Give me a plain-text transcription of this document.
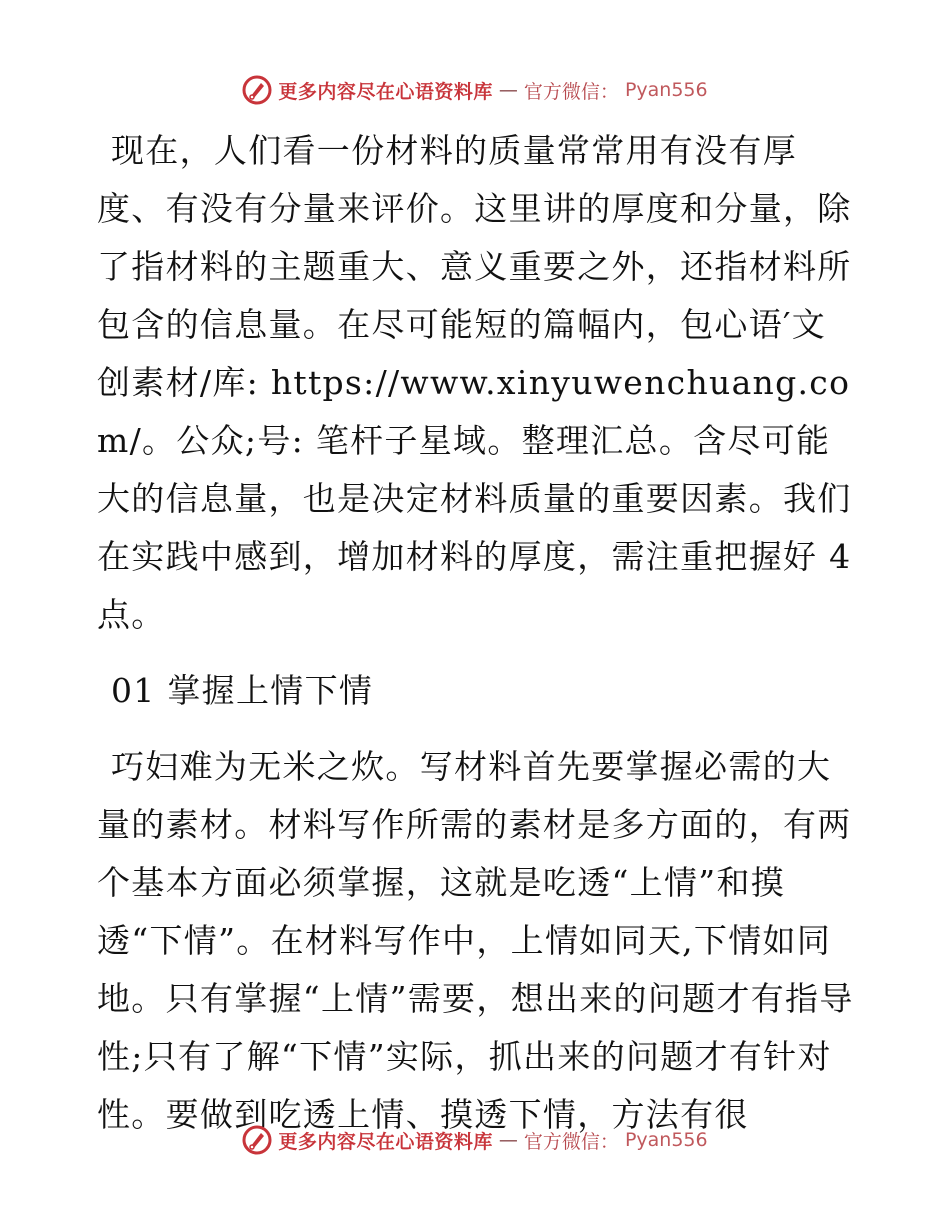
更多内容尽在心语资料库 — 官方微信： Pyan556

现在，人们看一份材料的质量常常用有没有厚度、有没有分量来评价。这里讲的厚度和分量，除了指材料的主题重大、意义重要之外，还指材料所包含的信息量。在尽可能短的篇幅内，包心语′文创素材/库: https://www.xinyuwenchuang.com/。公众;号: 笔杆子星域。整理汇总。含尽可能大的信息量，也是决定材料质量的重要因素。我们在实践中感到，增加材料的厚度，需注重把握好 4 点。

01 掌握上情下情

巧妇难为无米之炊。写材料首先要掌握必需的大量的素材。材料写作所需的素材是多方面的，有两个基本方面必须掌握，这就是吃透“上情”和摸透“下情”。在材料写作中，上情如同天,下情如同地。只有掌握“上情”需要，想出来的问题才有指导性;只有了解“下情”实际，抓出来的问题才有针对性。要做到吃透上情、摸透下情，方法有很

更多内容尽在心语资料库 — 官方微信： Pyan556
